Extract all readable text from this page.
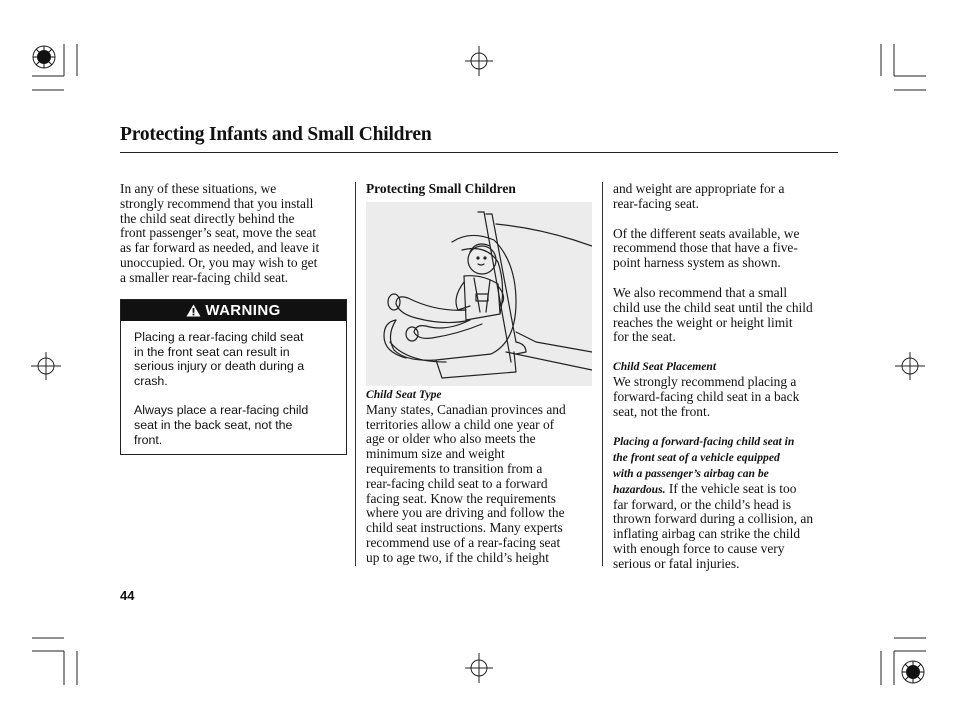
Protecting Infants and Small Children

In any of these situations, we
strongly recommend that you install
the child seat directly behind the
front passenger’s seat, move the seat
as far forward as needed, and leave it
unoccupied. Or, you may wish to get
a smaller rear-facing child seat.

WARNING

Placing a rear-facing child seat
in the front seat can result in
serious injury or death during a
crash.

Always place a rear-facing child
seat in the back seat, not the
front.

Protecting Small Children
Child Seat Type

Many states, Canadian provinces and
territories allow a child one year of
age or older who also meets the
minimum size and weight
requirements to transition from a
rear-facing child seat to a forward
facing seat. Know the requirements
where you are driving and follow the
child seat instructions. Many experts
recommend use of a rear-facing seat
up to age two, if the child’s height

and weight are appropriate for a
rear-facing seat.

Of the different seats available, we
recommend those that have a five-
point harness system as shown.

We also recommend that a small
child use the child seat until the child
reaches the weight or height limit
for the seat.

Child Seat Placement

We strongly recommend placing a
forward-facing child seat in a back
seat, not the front.

Placing a forward-facing child seat in
the front seat of a vehicle equipped
with a passenger’s airbag can be
hazardous. If the vehicle seat is too
far forward, or the child’s head is
thrown forward during a collision, an
inflating airbag can strike the child
with enough force to cause very
serious or fatal injuries.

44
